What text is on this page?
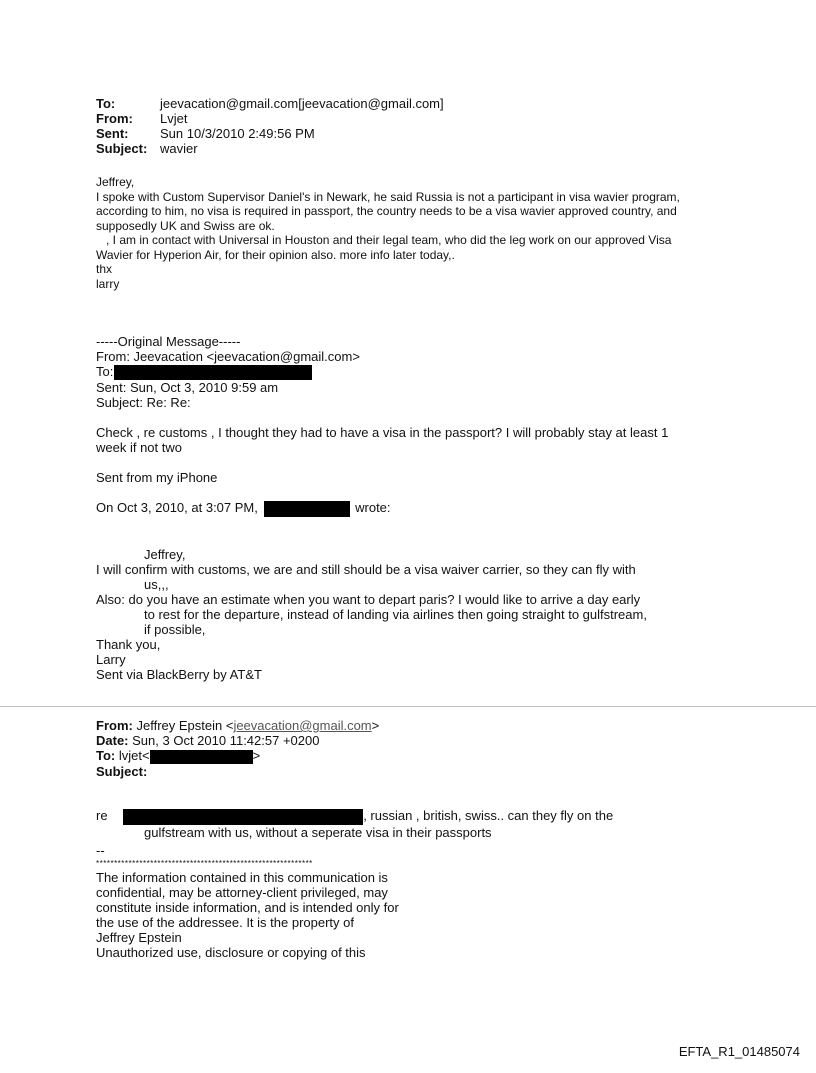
To:	jeevacation@gmail.com[jeevacation@gmail.com]
From:	Lvjet
Sent:	Sun 10/3/2010 2:49:56 PM
Subject: wavier
Jeffrey,
I spoke with Custom Supervisor Daniel's in Newark, he said Russia is not a participant in visa wavier program,
according to him, no visa is required in passport, the country needs to be a visa wavier approved country, and
supposedly UK and Swiss are ok.
, I am in contact with Universal in Houston and their legal team, who did the leg work on our approved Visa
Wavier for Hyperion Air, for their opinion also. more info later today,.
thx
larry
-----Original Message-----
From: Jeevacation <jeevacation@gmail.com>
To:
Sent: Sun, Oct 3, 2010 9:59 am
Subject: Re: Re:
Check , re customs , I thought they had to have a visa in the passport? I will probably stay at least 1
week if not two
Sent from my iPhone
On Oct 3, 2010, at 3:07 PM,	wrote:
Jeffrey,
I will confirm with customs, we are and still should be a visa waiver carrier, so they can fly with
us,,,
Also: do you have an estimate when you want to depart paris? I would like to arrive a day early
to rest for the departure, instead of landing via airlines then going straight to gulfstream,
if possible,
Thank you,
Larry
Sent via BlackBerry by AT&T
From: Jeffrey Epstein <jeevacation@gmail.com>
Date: Sun, 3 Oct 2010 11:42:57 +0200
To: lvjet<	>
Subject:
re	, russian , british, swiss.. can they fly on the
gulfstream with us, without a seperate visa in their passports
--
************************************************************
The information contained in this communication is
confidential, may be attorney-client privileged, may
constitute inside information, and is intended only for
the use of the addressee. It is the property of
Jeffrey Epstein
Unauthorized use, disclosure or copying of this
EFTA_R1_01485074
